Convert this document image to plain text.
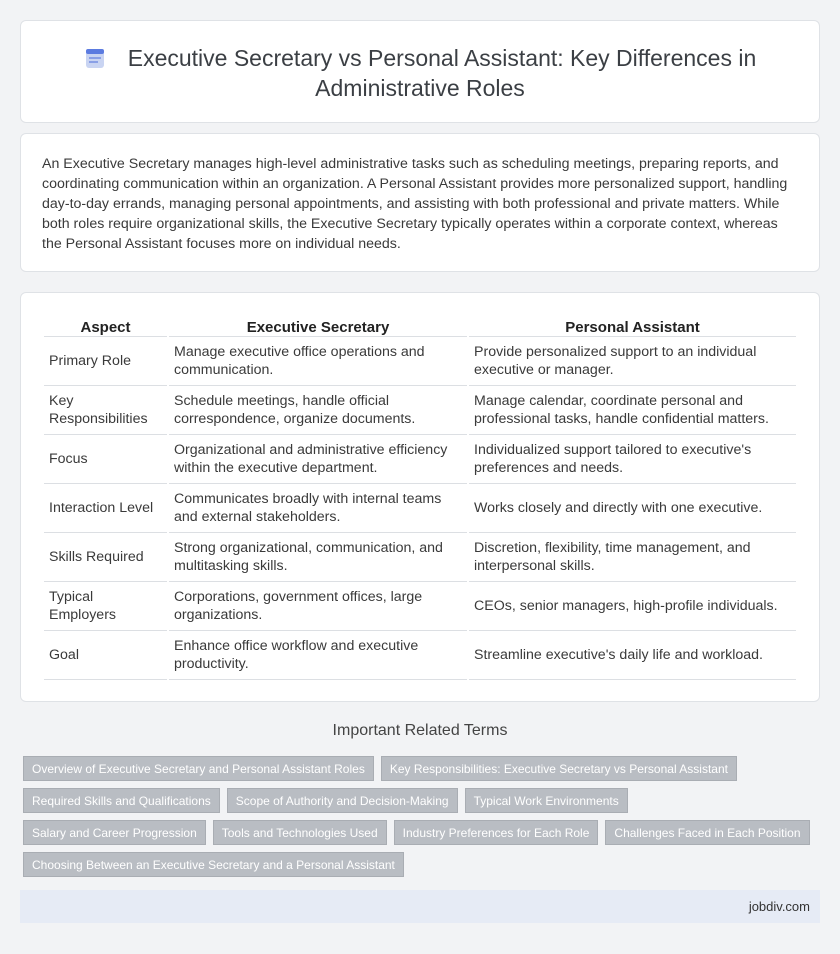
Executive Secretary vs Personal Assistant: Key Differences in Administrative Roles

An Executive Secretary manages high-level administrative tasks such as scheduling meetings, preparing reports, and coordinating communication within an organization. A Personal Assistant provides more personalized support, handling day-to-day errands, managing personal appointments, and assisting with both professional and private matters. While both roles require organizational skills, the Executive Secretary typically operates within a corporate context, whereas the Personal Assistant focuses more on individual needs.

Aspect	Executive Secretary	Personal Assistant
Primary Role	Manage executive office operations and communication.	Provide personalized support to an individual executive or manager.
Key Responsibilities	Schedule meetings, handle official correspondence, organize documents.	Manage calendar, coordinate personal and professional tasks, handle confidential matters.
Focus	Organizational and administrative efficiency within the executive department.	Individualized support tailored to executive's preferences and needs.
Interaction Level	Communicates broadly with internal teams and external stakeholders.	Works closely and directly with one executive.
Skills Required	Strong organizational, communication, and multitasking skills.	Discretion, flexibility, time management, and interpersonal skills.
Typical Employers	Corporations, government offices, large organizations.	CEOs, senior managers, high-profile individuals.
Goal	Enhance office workflow and executive productivity.	Streamline executive's daily life and workload.
Important Related Terms
Overview of Executive Secretary and Personal Assistant Roles	Key Responsibilities: Executive Secretary vs Personal Assistant
Required Skills and Qualifications	Scope of Authority and Decision-Making	Typical Work Environments
Salary and Career Progression	Tools and Technologies Used	Industry Preferences for Each Role	Challenges Faced in Each Position
Choosing Between an Executive Secretary and a Personal Assistant
jobdiv.com
